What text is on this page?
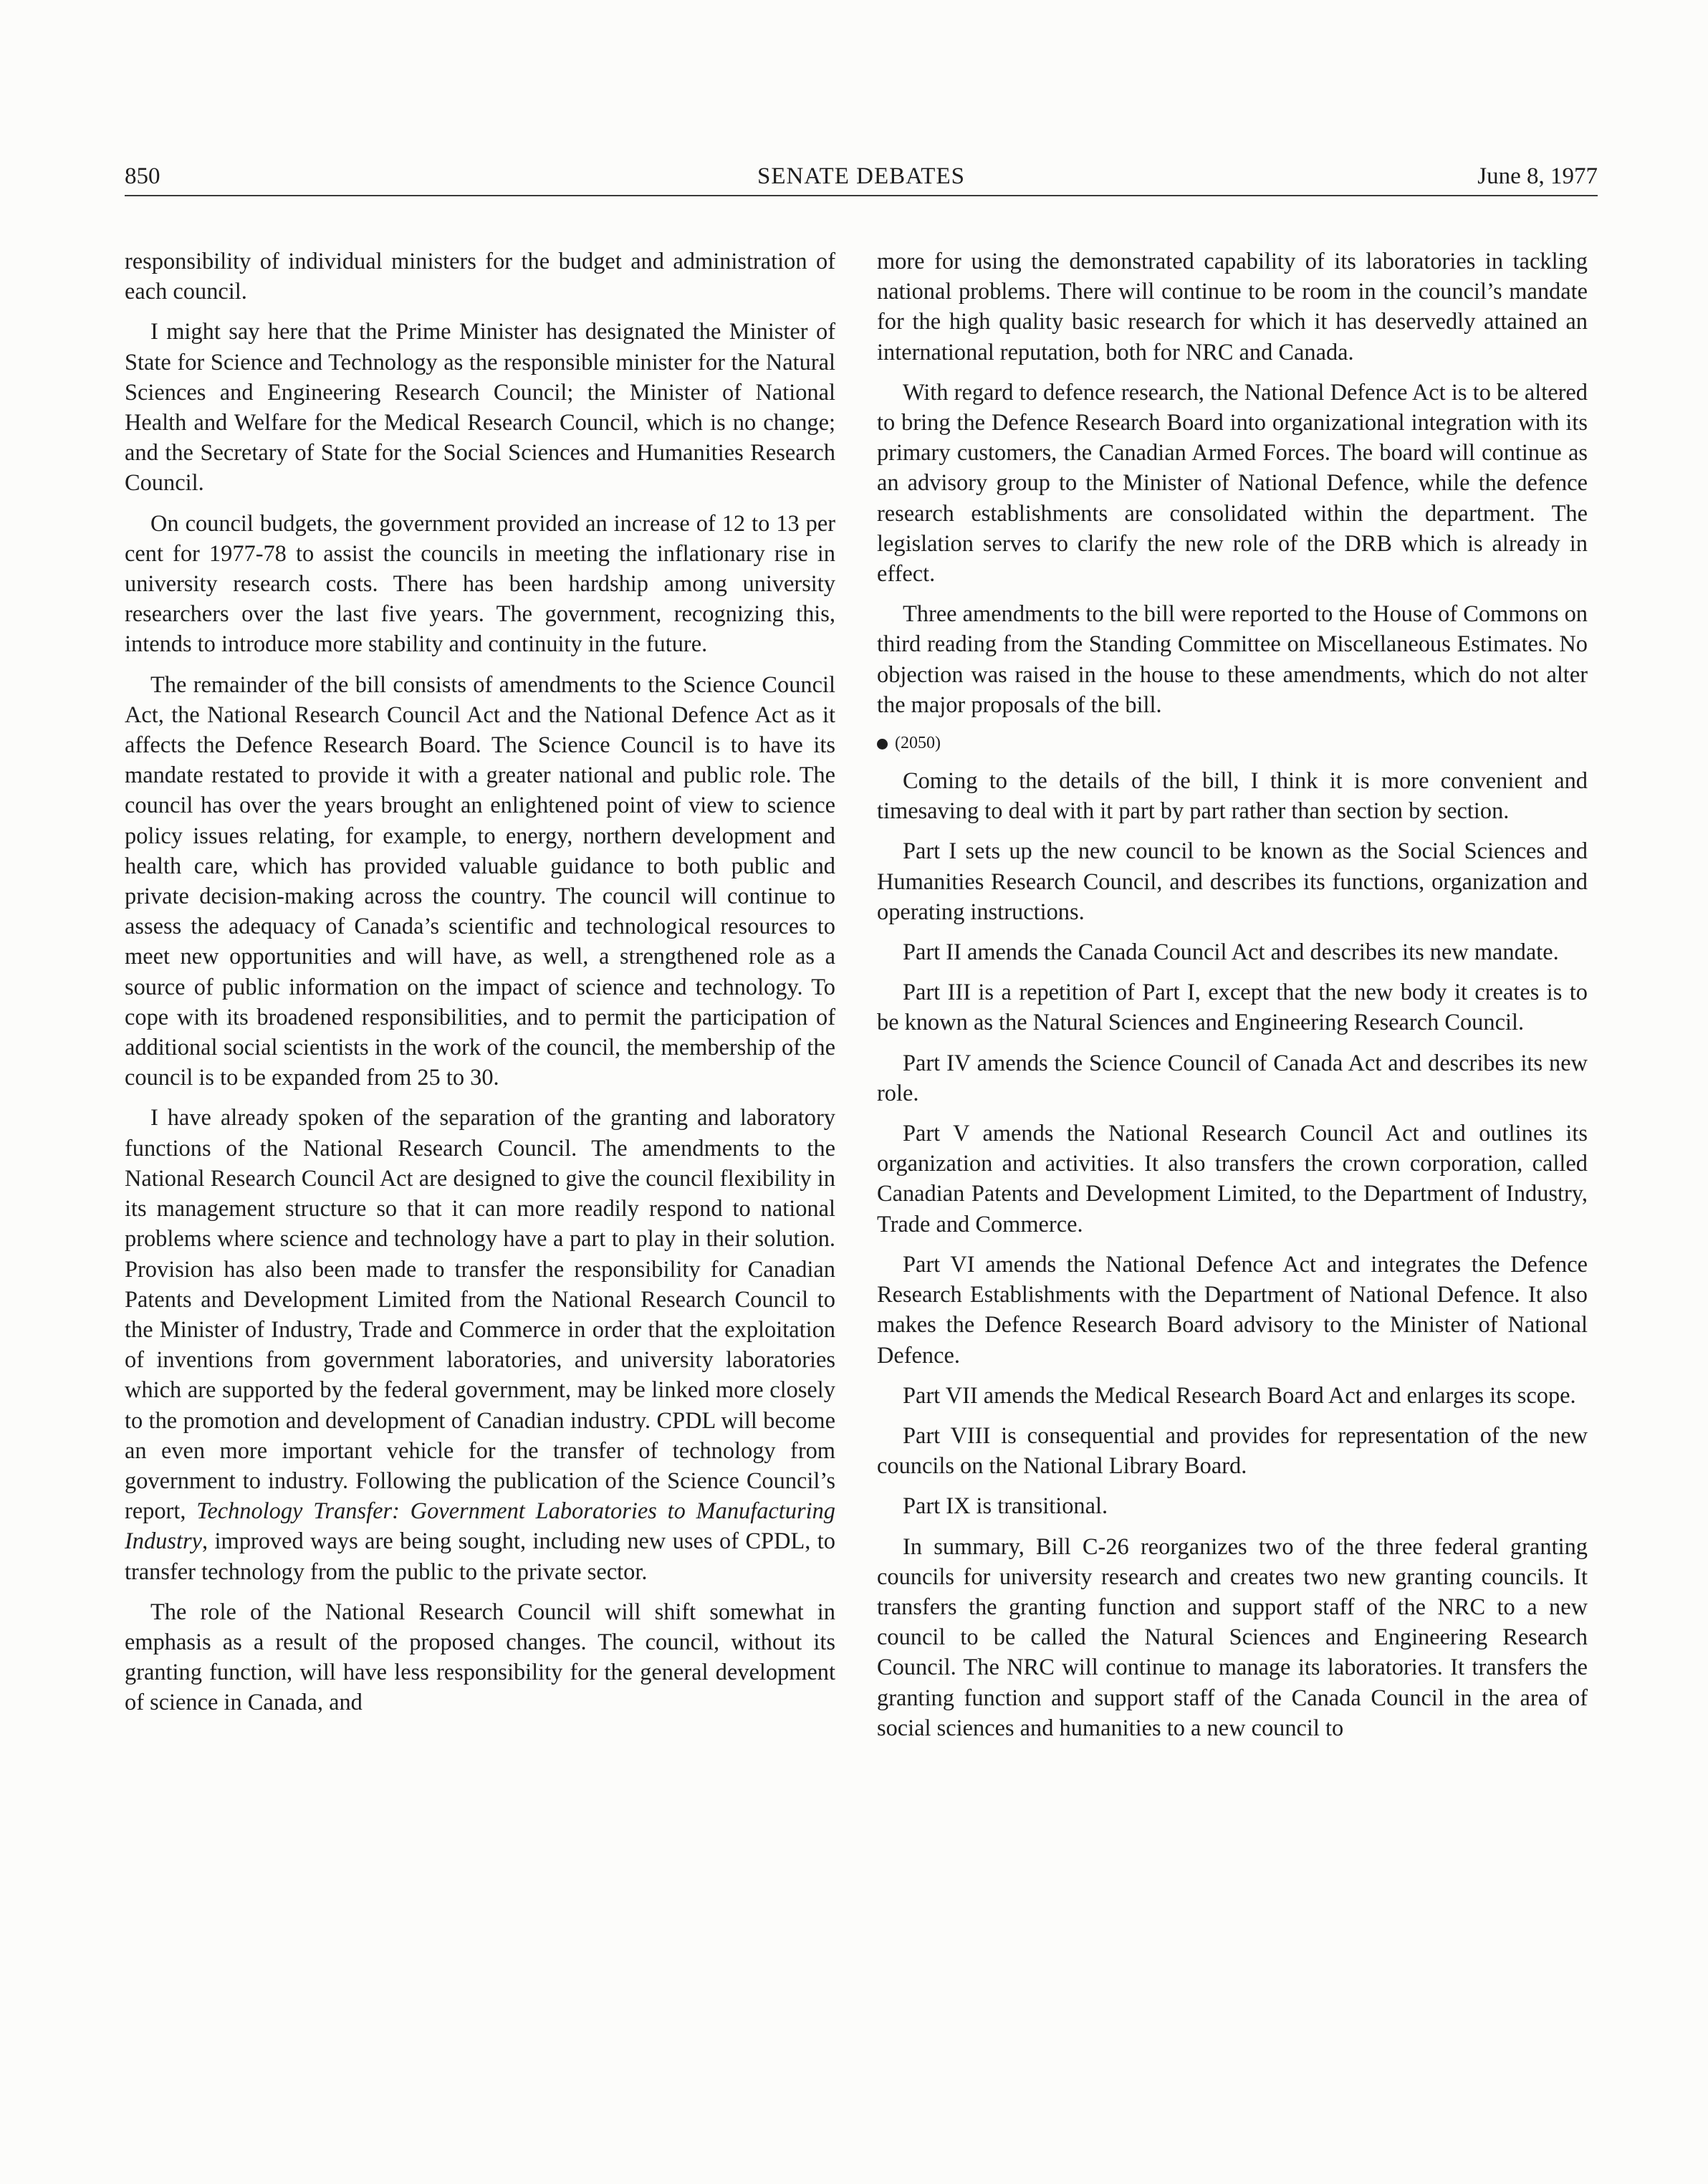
850	SENATE DEBATES	June 8, 1977

responsibility of individual ministers for the budget and administration of each council.

I might say here that the Prime Minister has designated the Minister of State for Science and Technology as the responsible minister for the Natural Sciences and Engineering Research Council; the Minister of National Health and Welfare for the Medical Research Council, which is no change; and the Secretary of State for the Social Sciences and Humanities Research Council.

On council budgets, the government provided an increase of 12 to 13 per cent for 1977-78 to assist the councils in meeting the inflationary rise in university research costs. There has been hardship among university researchers over the last five years. The government, recognizing this, intends to introduce more stability and continuity in the future.

The remainder of the bill consists of amendments to the Science Council Act, the National Research Council Act and the National Defence Act as it affects the Defence Research Board. The Science Council is to have its mandate restated to provide it with a greater national and public role. The council has over the years brought an enlightened point of view to science policy issues relating, for example, to energy, northern development and health care, which has provided valuable guidance to both public and private decision-making across the country. The council will continue to assess the adequacy of Canada’s scientific and technological resources to meet new opportunities and will have, as well, a strengthened role as a source of public information on the impact of science and technology. To cope with its broadened responsibilities, and to permit the participation of additional social scientists in the work of the council, the membership of the council is to be expanded from 25 to 30.

I have already spoken of the separation of the granting and laboratory functions of the National Research Council. The amendments to the National Research Council Act are designed to give the council flexibility in its management structure so that it can more readily respond to national problems where science and technology have a part to play in their solution. Provision has also been made to transfer the responsibility for Canadian Patents and Development Limited from the National Research Council to the Minister of Industry, Trade and Commerce in order that the exploitation of inventions from government laboratories, and university laboratories which are supported by the federal government, may be linked more closely to the promotion and development of Canadian industry. CPDL will become an even more important vehicle for the transfer of technology from government to industry. Following the publication of the Science Council’s report, Technology Transfer: Government Laboratories to Manufacturing Industry, improved ways are being sought, including new uses of CPDL, to transfer technology from the public to the private sector.

The role of the National Research Council will shift somewhat in emphasis as a result of the proposed changes. The council, without its granting function, will have less responsibility for the general development of science in Canada, and

more for using the demonstrated capability of its laboratories in tackling national problems. There will continue to be room in the council’s mandate for the high quality basic research for which it has deservedly attained an international reputation, both for NRC and Canada.

With regard to defence research, the National Defence Act is to be altered to bring the Defence Research Board into organizational integration with its primary customers, the Canadian Armed Forces. The board will continue as an advisory group to the Minister of National Defence, while the defence research establishments are consolidated within the department. The legislation serves to clarify the new role of the DRB which is already in effect.

Three amendments to the bill were reported to the House of Commons on third reading from the Standing Committee on Miscellaneous Estimates. No objection was raised in the house to these amendments, which do not alter the major proposals of the bill.

(2050)

Coming to the details of the bill, I think it is more convenient and timesaving to deal with it part by part rather than section by section.

Part I sets up the new council to be known as the Social Sciences and Humanities Research Council, and describes its functions, organization and operating instructions.

Part II amends the Canada Council Act and describes its new mandate.

Part III is a repetition of Part I, except that the new body it creates is to be known as the Natural Sciences and Engineering Research Council.

Part IV amends the Science Council of Canada Act and describes its new role.

Part V amends the National Research Council Act and outlines its organization and activities. It also transfers the crown corporation, called Canadian Patents and Development Limited, to the Department of Industry, Trade and Commerce.

Part VI amends the National Defence Act and integrates the Defence Research Establishments with the Department of National Defence. It also makes the Defence Research Board advisory to the Minister of National Defence.

Part VII amends the Medical Research Board Act and enlarges its scope.

Part VIII is consequential and provides for representation of the new councils on the National Library Board.

Part IX is transitional.

In summary, Bill C-26 reorganizes two of the three federal granting councils for university research and creates two new granting councils. It transfers the granting function and support staff of the NRC to a new council to be called the Natural Sciences and Engineering Research Council. The NRC will continue to manage its laboratories. It transfers the granting function and support staff of the Canada Council in the area of social sciences and humanities to a new council to
